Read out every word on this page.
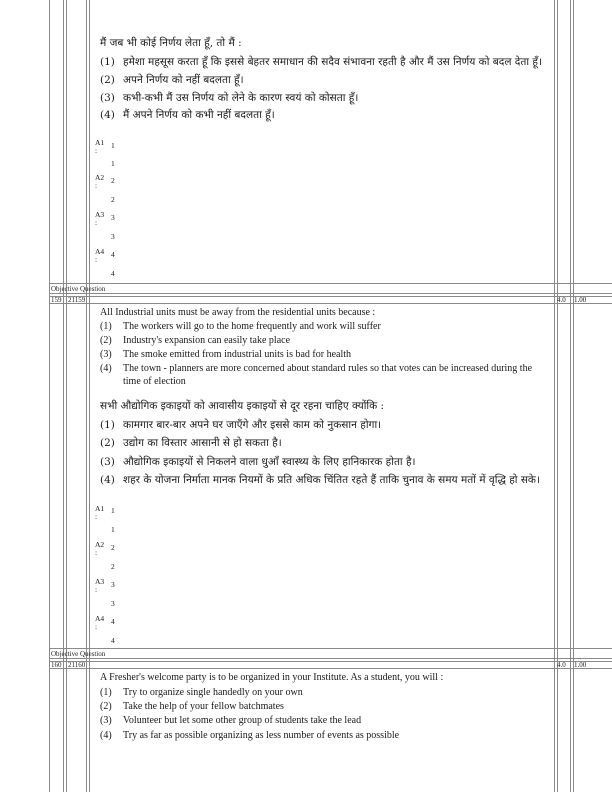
मैं जब भी कोई निर्णय लेता हूँ, तो मैं :
(1) हमेशा महसूस करता हूँ कि इससे बेहतर समाधान की सदैव संभावना रहती है और मैं उस निर्णय को बदल देता हूँ।
(2) अपने निर्णय को नहीं बदलता हूँ।
(3) कभी-कभी मैं उस निर्णय को लेने के कारण स्वयं को कोसता हूँ।
(4) मैं अपने निर्णय को कभी नहीं बदलता हूँ।
A1 1
:
1
A2 2
:
2
A3 3
:
3
A4 4
:
4
Objective Question
159 21159	4.0 1.00
All Industrial units must be away from the residential units because :
(1) The workers will go to the home frequently and work will suffer
(2) Industry's expansion can easily take place
(3) The smoke emitted from industrial units is bad for health
(4) The town - planners are more concerned about standard rules so that votes can be increased during the time of election
सभी औद्योगिक इकाइयों को आवासीय इकाइयों से दूर रहना चाहिए क्योंकि :
(1) कामगार बार-बार अपने घर जाएँगे और इससे काम को नुकसान होगा।
(2) उद्योग का विस्तार आसानी से हो सकता है।
(3) औद्योगिक इकाइयों से निकलने वाला धुआँ स्वास्थ्य के लिए हानिकारक होता है।
(4) शहर के योजना निर्माता मानक नियमों के प्रति अधिक चिंतित रहते हैं ताकि चुनाव के समय मतों में वृद्धि हो सके।
A1 1
:
1
A2 2
:
2
A3 3
:
3
A4 4
:
4
Objective Question
160 21160	4.0 1.00
A Fresher's welcome party is to be organized in your Institute. As a student, you will :
(1) Try to organize single handedly on your own
(2) Take the help of your fellow batchmates
(3) Volunteer but let some other group of students take the lead
(4) Try as far as possible organizing as less number of events as possible
